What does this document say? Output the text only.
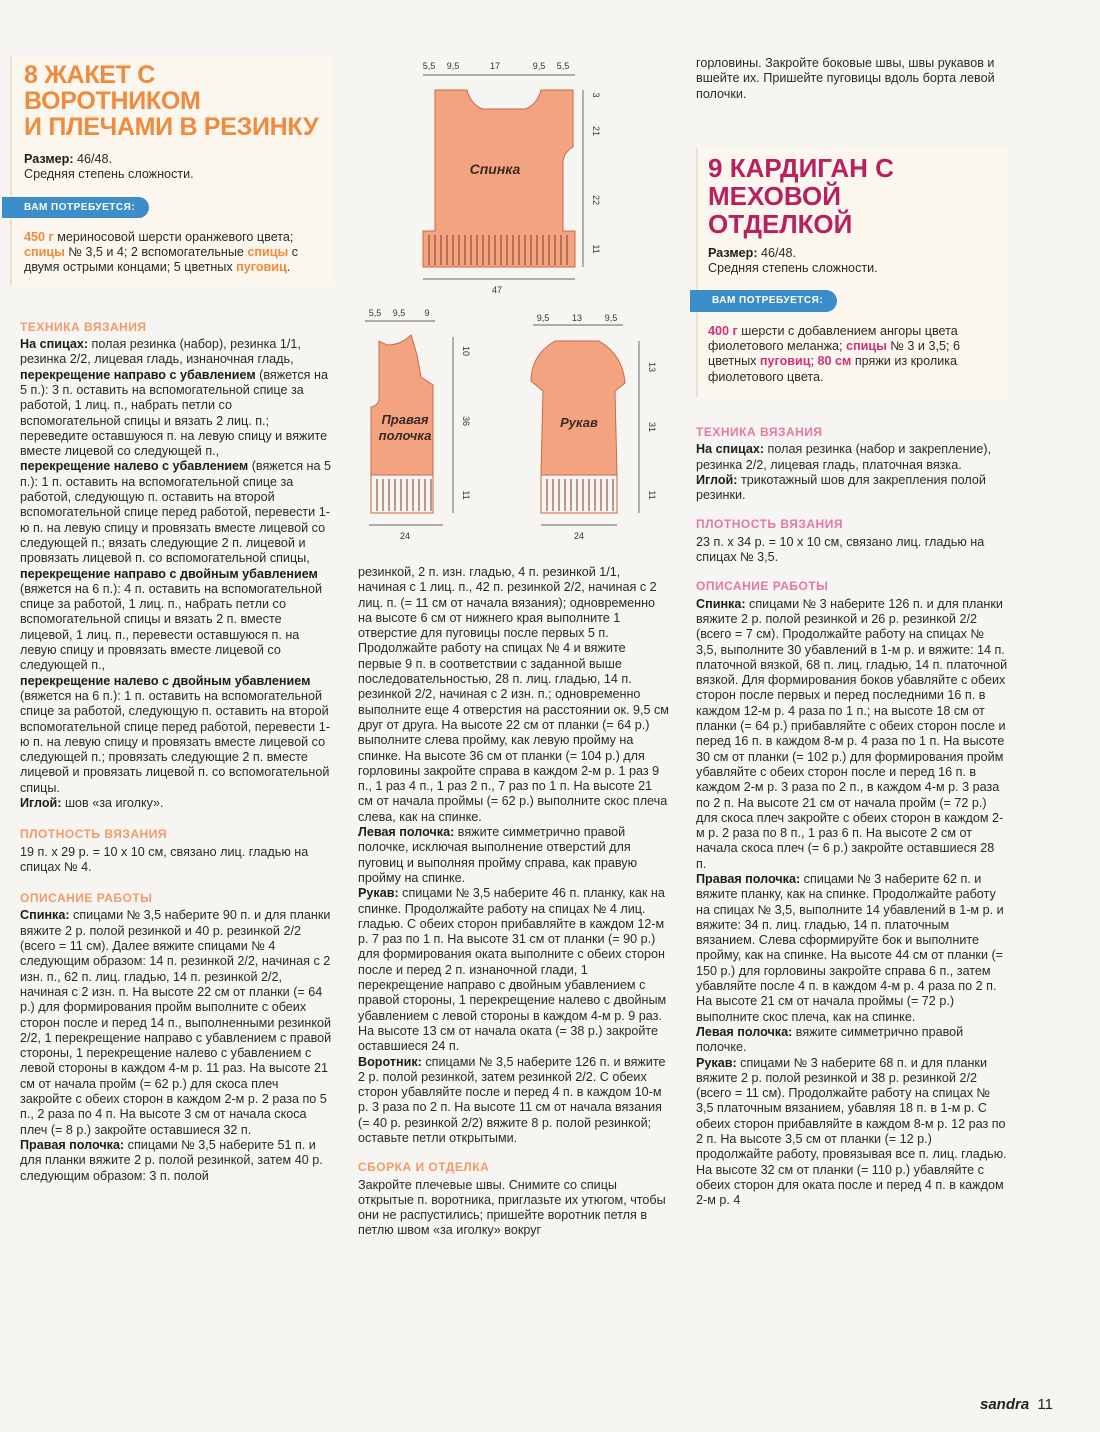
8 ЖАКЕТ С ВОРОТНИКОМ
И ПЛЕЧАМИ В РЕЗИНКУ
Размер: 46/48.
Средняя степень сложности.
ВАМ ПОТРЕБУЕТСЯ:
450 г мериносовой шерсти оранжевого цвета; спицы № 3,5 и 4; 2 вспомогательные спицы с двумя острыми концами; 5 цветных пуговиц.
ТЕХНИКА ВЯЗАНИЯ

На спицах: полая резинка (набор), резинка 1/1, резинка 2/2, лицевая гладь, изнаночная гладь,

перекрещение направо с убавлением (вяжется на 5 п.): 3 п. оставить на вспомогательной спице за работой, 1 лиц. п., набрать петли со вспомогательной спицы и вязать 2 лиц. п.; переведите оставшуюся п. на левую спицу и вяжите вместе лицевой со следующей п.,

перекрещение налево с убавлением (вяжется на 5 п.): 1 п. оставить на вспомогательной спице за работой, следующую п. оставить на второй вспомогательной спице перед работой, перевести 1-ю п. на левую спицу и провязать вместе лицевой со следующей п.; вязать следующие 2 п. лицевой и провязать лицевой п. со вспомогательной спицы,

перекрещение направо с двойным убавлением (вяжется на 6 п.): 4 п. оставить на вспомогательной спице за работой, 1 лиц. п., набрать петли со вспомогательной спицы и вязать 2 п. вместе лицевой, 1 лиц. п., перевести оставшуюся п. на левую спицу и провязать вместе лицевой со следующей п.,

перекрещение налево с двойным убавлением (вяжется на 6 п.): 1 п. оставить на вспомогательной спице за работой, следующую п. оставить на второй вспомогательной спице перед работой, перевести 1-ю п. на левую спицу и провязать вместе лицевой со следующей п.; провязать следующие 2 п. вместе лицевой и провязать лицевой п. со вспомогательной спицы.

Иглой: шов «за иголку».

ПЛОТНОСТЬ ВЯЗАНИЯ

19 п. x 29 р. = 10 x 10 см, связано лиц. гладью на спицах № 4.

ОПИСАНИЕ РАБОТЫ

Спинка: спицами № 3,5 наберите 90 п. и для планки вяжите 2 р. полой резинкой и 40 р. резинкой 2/2 (всего = 11 см). Далее вяжите спицами № 4 следующим образом: 14 п. резинкой 2/2, начиная с 2 изн. п., 62 п. лиц. гладью, 14 п. резинкой 2/2, начиная с 2 изн. п. На высоте 22 см от планки (= 64 р.) для формирования пройм выполните с обеих сторон после и перед 14 п., выполненными резинкой 2/2, 1 перекрещение направо с убавлением с правой стороны, 1 перекрещение налево с убавлением с левой стороны в каждом 4-м р. 11 раз. На высоте 21 см от начала пройм (= 62 р.) для скоса плеч закройте с обеих сторон в каждом 2-м р. 2 раза по 5 п., 2 раза по 4 п. На высоте 3 см от начала скоса плеч (= 8 р.) закройте оставшиеся 32 п.

Правая полочка: спицами № 3,5 наберите 51 п. и для планки вяжите 2 р. полой резинкой, затем 40 р. следующим образом: 3 п. полой

Спинка
5,5 9,5	17	9,5 5,5
3
21
22
11
47
Правая
полочка
5,5 9,5 9
10
36
11
24
Рукав
9,5	13	9,5
13
31
11
24

резинкой, 2 п. изн. гладью, 4 п. резинкой 1/1, начиная с 1 лиц. п., 42 п. резинкой 2/2, начиная с 2 лиц. п. (= 11 см от начала вязания); одновременно на высоте 6 см от нижнего края выполните 1 отверстие для пуговицы после первых 5 п. Продолжайте работу на спицах № 4 и вяжите первые 9 п. в соответствии с заданной выше последовательностью, 28 п. лиц. гладью, 14 п. резинкой 2/2, начиная с 2 изн. п.; одновременно выполните еще 4 отверстия на расстоянии ок. 9,5 см друг от друга. На высоте 22 см от планки (= 64 р.) выполните слева пройму, как левую пройму на спинке. На высоте 36 см от планки (= 104 р.) для горловины закройте справа в каждом 2-м р. 1 раз 9 п., 1 раз 4 п., 1 раз 2 п., 7 раз по 1 п. На высоте 21 см от начала проймы (= 62 р.) выполните скос плеча слева, как на спинке.

Левая полочка: вяжите симметрично правой полочке, исключая выполнение отверстий для пуговиц и выполняя пройму справа, как правую пройму на спинке.

Рукав: спицами № 3,5 наберите 46 п. планку, как на спинке. Продолжайте работу на спицах № 4 лиц. гладью. С обеих сторон прибавляйте в каждом 12-м р. 7 раз по 1 п. На высоте 31 см от планки (= 90 р.) для формирования оката выполните с обеих сторон после и перед 2 п. изнаночной глади, 1 перекрещение направо с двойным убавлением с правой стороны, 1 перекрещение налево с двойным убавлением с левой стороны в каждом 4-м р. 9 раз. На высоте 13 см от начала оката (= 38 р.) закройте оставшиеся 24 п.

Воротник: спицами № 3,5 наберите 126 п. и вяжите 2 р. полой резинкой, затем резинкой 2/2. С обеих сторон убавляйте после и перед 4 п. в каждом 10-м р. 3 раза по 2 п. На высоте 11 см от начала вязания (= 40 р. резинкой 2/2) вяжите 8 р. полой резинкой; оставьте петли открытыми.

СБОРКА И ОТДЕЛКА

Закройте плечевые швы. Снимите со спицы открытые п. воротника, приглазьте их утюгом, чтобы они не распустились; пришейте воротник петля в петлю швом «за иголку» вокруг

горловины. Закройте боковые швы, швы рукавов и вшейте их. Пришейте пуговицы вдоль борта левой полочки.

9 КАРДИГАН С МЕХОВОЙ
ОТДЕЛКОЙ
Размер: 46/48.
Средняя степень сложности.
ВАМ ПОТРЕБУЕТСЯ:
400 г шерсти с добавлением ангоры цвета фиолетового меланжа; спицы № 3 и 3,5; 6 цветных пуговиц; 80 см пряжи из кролика фиолетового цвета.
ТЕХНИКА ВЯЗАНИЯ

На спицах: полая резинка (набор и закрепление), резинка 2/2, лицевая гладь, платочная вязка.

Иглой: трикотажный шов для закрепления полой резинки.

ПЛОТНОСТЬ ВЯЗАНИЯ

23 п. x 34 р. = 10 x 10 см, связано лиц. гладью на спицах № 3,5.

ОПИСАНИЕ РАБОТЫ

Спинка: спицами № 3 наберите 126 п. и для планки вяжите 2 р. полой резинкой и 26 р. резинкой 2/2 (всего = 7 см). Продолжайте работу на спицах № 3,5, выполните 30 убавлений в 1-м р. и вяжите: 14 п. платочной вязкой, 68 п. лиц. гладью, 14 п. платочной вязкой. Для формирования боков убавляйте с обеих сторон после первых и перед последними 16 п. в каждом 12-м р. 4 раза по 1 п.; на высоте 18 см от планки (= 64 р.) прибавляйте с обеих сторон после и перед 16 п. в каждом 8-м р. 4 раза по 1 п. На высоте 30 см от планки (= 102 р.) для формирования пройм убавляйте с обеих сторон после и перед 16 п. в каждом 2-м р. 3 раза по 2 п., в каждом 4-м р. 3 раза по 2 п. На высоте 21 см от начала пройм (= 72 р.) для скоса плеч закройте с обеих сторон в каждом 2-м р. 2 раза по 8 п., 1 раз 6 п. На высоте 2 см от начала скоса плеч (= 6 р.) закройте оставшиеся 28 п.

Правая полочка: спицами № 3 наберите 62 п. и вяжите планку, как на спинке. Продолжайте работу на спицах № 3,5, выполните 14 убавлений в 1-м р. и вяжите: 34 п. лиц. гладью, 14 п. платочным вязанием. Слева сформируйте бок и выполните пройму, как на спинке. На высоте 44 см от планки (= 150 р.) для горловины закройте справа 6 п., затем убавляйте после 4 п. в каждом 4-м р. 4 раза по 2 п. На высоте 21 см от начала проймы (= 72 р.) выполните скос плеча, как на спинке.

Левая полочка: вяжите симметрично правой полочке.

Рукав: спицами № 3 наберите 68 п. и для планки вяжите 2 р. полой резинкой и 38 р. резинкой 2/2 (всего = 11 см). Продолжайте работу на спицах № 3,5 платочным вязанием, убавляя 18 п. в 1-м р. С обеих сторон прибавляйте в каждом 8-м р. 12 раз по 2 п. На высоте 3,5 см от планки (= 12 р.) продолжайте работу, провязывая все п. лиц. гладью. На высоте 32 см от планки (= 110 р.) убавляйте с обеих сторон для оката после и перед 4 п. в каждом 2-м р. 4

sandra 11
